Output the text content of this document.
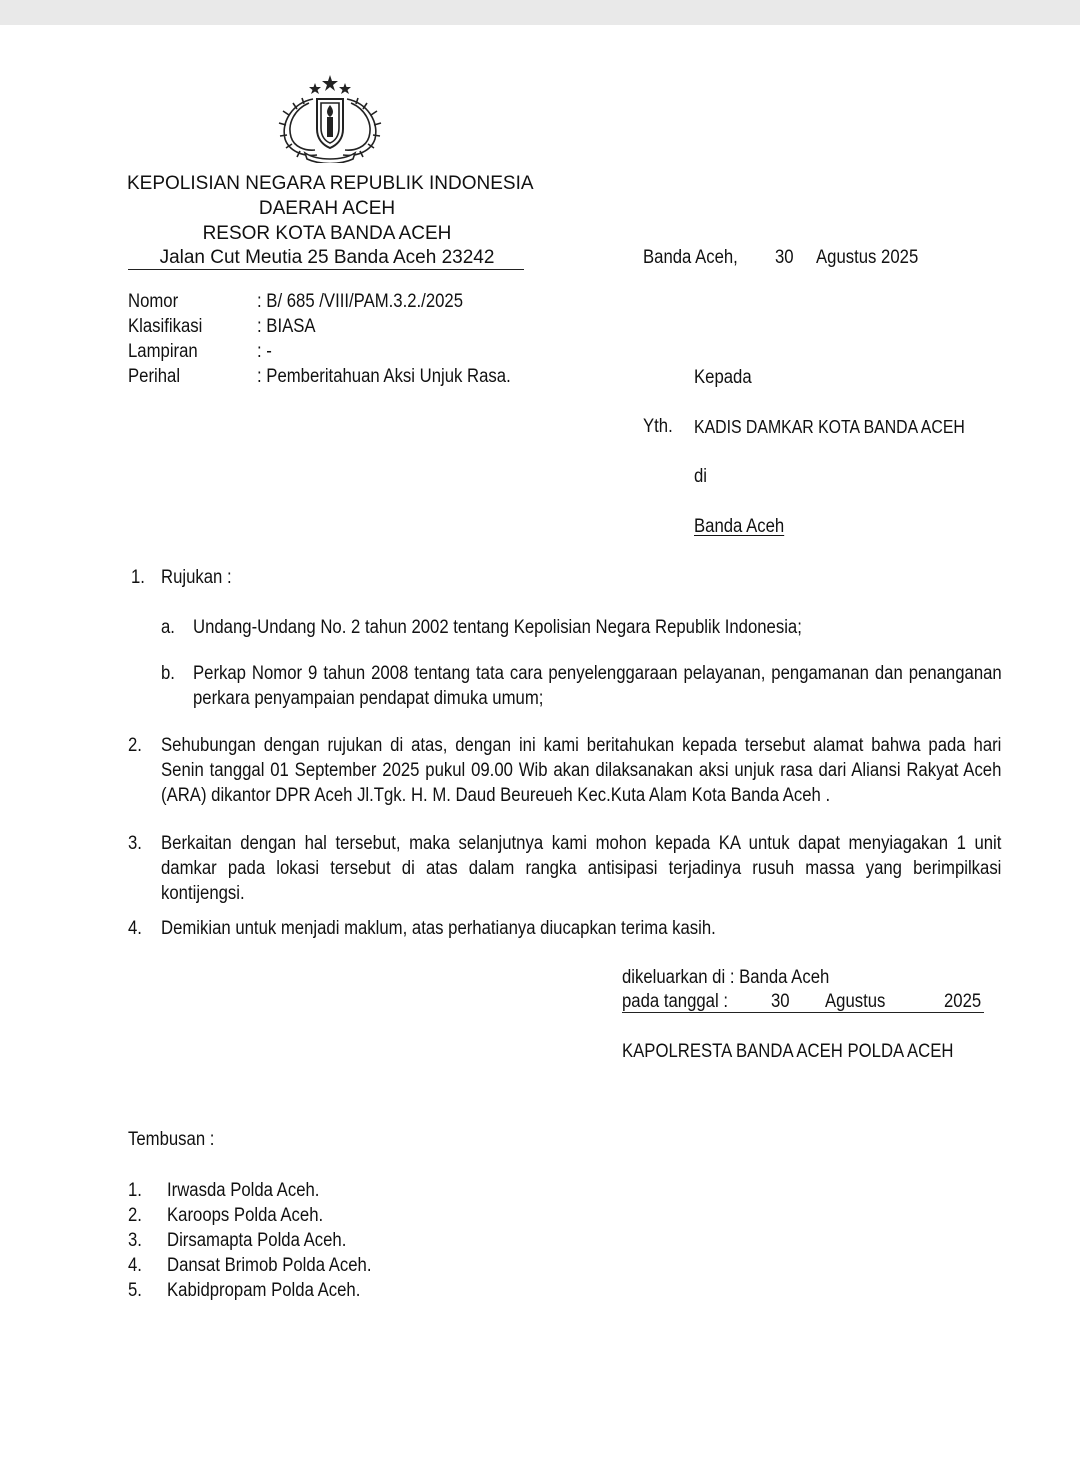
KEPOLISIAN NEGARA REPUBLIK INDONESIA
DAERAH ACEH
RESOR KOTA BANDA ACEH
Jalan Cut Meutia 25 Banda Aceh 23242	Banda Aceh, 30 Agustus 2025
Nomor	: B/ 685 /VIII/PAM.3.2./2025
Klasifikasi	: BIASA
Lampiran	: -
Perihal	: Pemberitahuan Aksi Unjuk Rasa.	Kepada
Yth. KADIS DAMKAR KOTA BANDA ACEH
di
Banda Aceh
1. Rujukan :
a. Undang-Undang No. 2 tahun 2002 tentang Kepolisian Negara Republik Indonesia;
b. Perkap Nomor 9 tahun 2008 tentang tata cara penyelenggaraan pelayanan, pengamanan dan penanganan perkara penyampaian pendapat dimuka umum;
2. Sehubungan dengan rujukan di atas, dengan ini kami beritahukan kepada tersebut alamat bahwa pada hari Senin tanggal 01 September 2025 pukul 09.00 Wib akan dilaksanakan aksi unjuk rasa dari Aliansi Rakyat Aceh (ARA) dikantor DPR Aceh Jl.Tgk. H. M. Daud Beureueh Kec.Kuta Alam Kota Banda Aceh .
3. Berkaitan dengan hal tersebut, maka selanjutnya kami mohon kepada KA untuk dapat menyiagakan 1 unit damkar pada lokasi tersebut di atas dalam rangka antisipasi terjadinya rusuh massa yang berimpilkasi kontijengsi.
4. Demikian untuk menjadi maklum, atas perhatianya diucapkan terima kasih.
dikeluarkan di : Banda Aceh
pada tanggal : 30 Agustus	2025
KAPOLRESTA BANDA ACEH POLDA ACEH
Tembusan :
1. Irwasda Polda Aceh.
2. Karoops Polda Aceh.
3. Dirsamapta Polda Aceh.
4. Dansat Brimob Polda Aceh.
5. Kabidpropam Polda Aceh.
